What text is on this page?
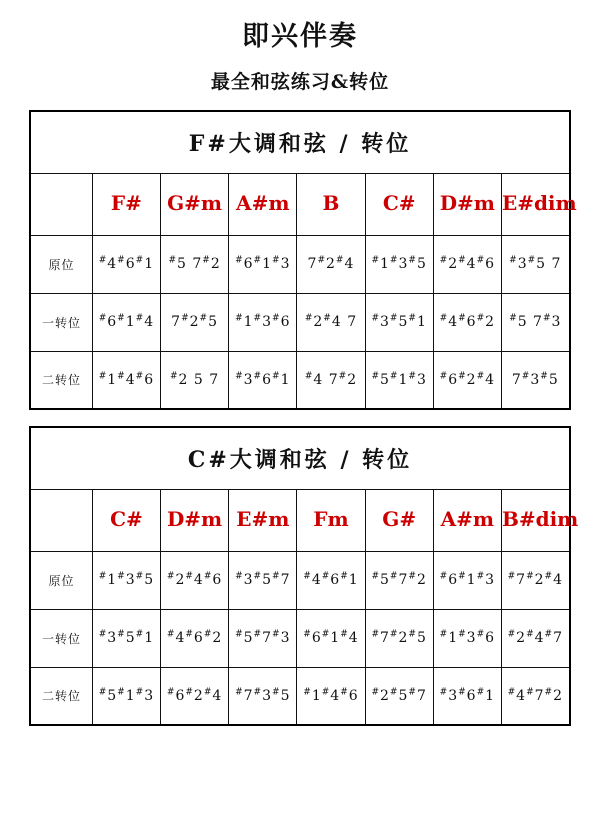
即兴伴奏
最全和弦练习&转位
F#大调和弦 / 转位							
	F#	G#m	A#m	B	C#	D#m	E#dim
原位	#4#6#1	#5 7#2	#6#1#3	7#2#4	#1#3#5	#2#4#6	#3#5 7
一转位	#6#1#4	7#2#5	#1#3#6	#2#4 7	#3#5#1	#4#6#2	#5 7#3
二转位	#1#4#6	#2 5 7	#3#6#1	#4 7#2	#5#1#3	#6#2#4	7#3#5
C#大调和弦 / 转位							
	C#	D#m	E#m	Fm	G#	A#m	B#dim
原位	#1#3#5	#2#4#6	#3#5#7	#4#6#1	#5#7#2	#6#1#3	#7#2#4
一转位	#3#5#1	#4#6#2	#5#7#3	#6#1#4	#7#2#5	#1#3#6	#2#4#7
二转位	#5#1#3	#6#2#4	#7#3#5	#1#4#6	#2#5#7	#3#6#1	#4#7#2
